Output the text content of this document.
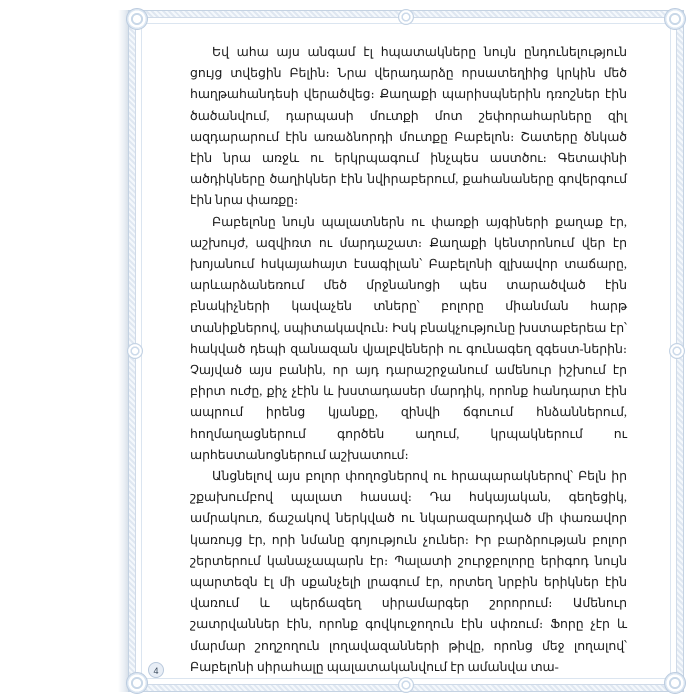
Եվ ահա այս անգամ էլ հպատակները նույն ընդունելություն ցույց տվեցին Բելին։ Նրա վերադարձը որսատեղիից կրկին մեծ հաղթահանդեսի վերածվեց։ Քաղաքի պարիսպներին դռոշներ էին ծածանվում, դարպասի մուտքի մոտ շեփորահարները զիլ ազդարարում էին առաձնորդի մուտքը Բաբելոն։ Շատերը ծնկած էին նրա առջև ու երկրպագում ինչպես աստծու։ Գետափնի ածդիկները ծաղիկներ էին նվիրաբերում, քահանաները գովերգում էին նրա փառքը։

Բաբելոնը նույն պալատներն ու փառքի այգիների քաղաք էր, աշխույժ, ազվիռտ ու մարդաշատ։ Քաղաքի կենտրոնում վեր էր խոյանում հսկայահայտ էսագիլան՝ Բաբելոնի զլխավոր տաճարը, արևարձանեռում մեծ մրջնանոցի պես տարածված էին բնակիչների կավաչեն տները՝ բոլորը միանման հարթ տանիքներով, սպիտակավուն։ Իսկ բնակչությունը խստաբերեա էր՝ հակված դեպի զանազան վյալբվեների ու գունագեղ զգեստ-ներին։ Չայված այս բանին, որ այդ դարաշրջանում ամենուր իշխում էր բիրտ ուժը, քիչ չէին և խստադասեր մարդիկ, որոնք հանդարտ էին ապրում իրենց կյանքը, զինվի ճգուում հնձաններում, հողմաղացներում գործեն աղում, կրպակներում ու արհեստանոցներում աշխատում։

Անցնելով այս բոլոր փողոցներով ու հրապարակներով՝ Բելն իր շքախումբով պալատ հասավ։ Դա հսկայական, գեղեցիկ, ամրակուռ, ճաշակով ներկված ու նկարազարդված մի փառավոր կառույց էր, որի նմանը գոյություն չուներ։ Իր բարձրության բոլոր շերտերում կանաչապարն էր։ Պալատի շուրջբոլորը երիգոդ նույն պարտեզն էլ մի սքանչելի լրագում էր, որտեղ նրբին երիկներ էին վառում և պերճազեղ սիրամարգեր շորորում։ Ամենուր շատրվաններ էին, որոնք գովկուջողուն էին սփռում։ Ֆորը չէր և մարմար շողշողուն լողավազանների թիվը, որոնց մեջ լողալով՝ Բաբելոնի սիրահալը պալատականվում էր ամանվա տա-

4
